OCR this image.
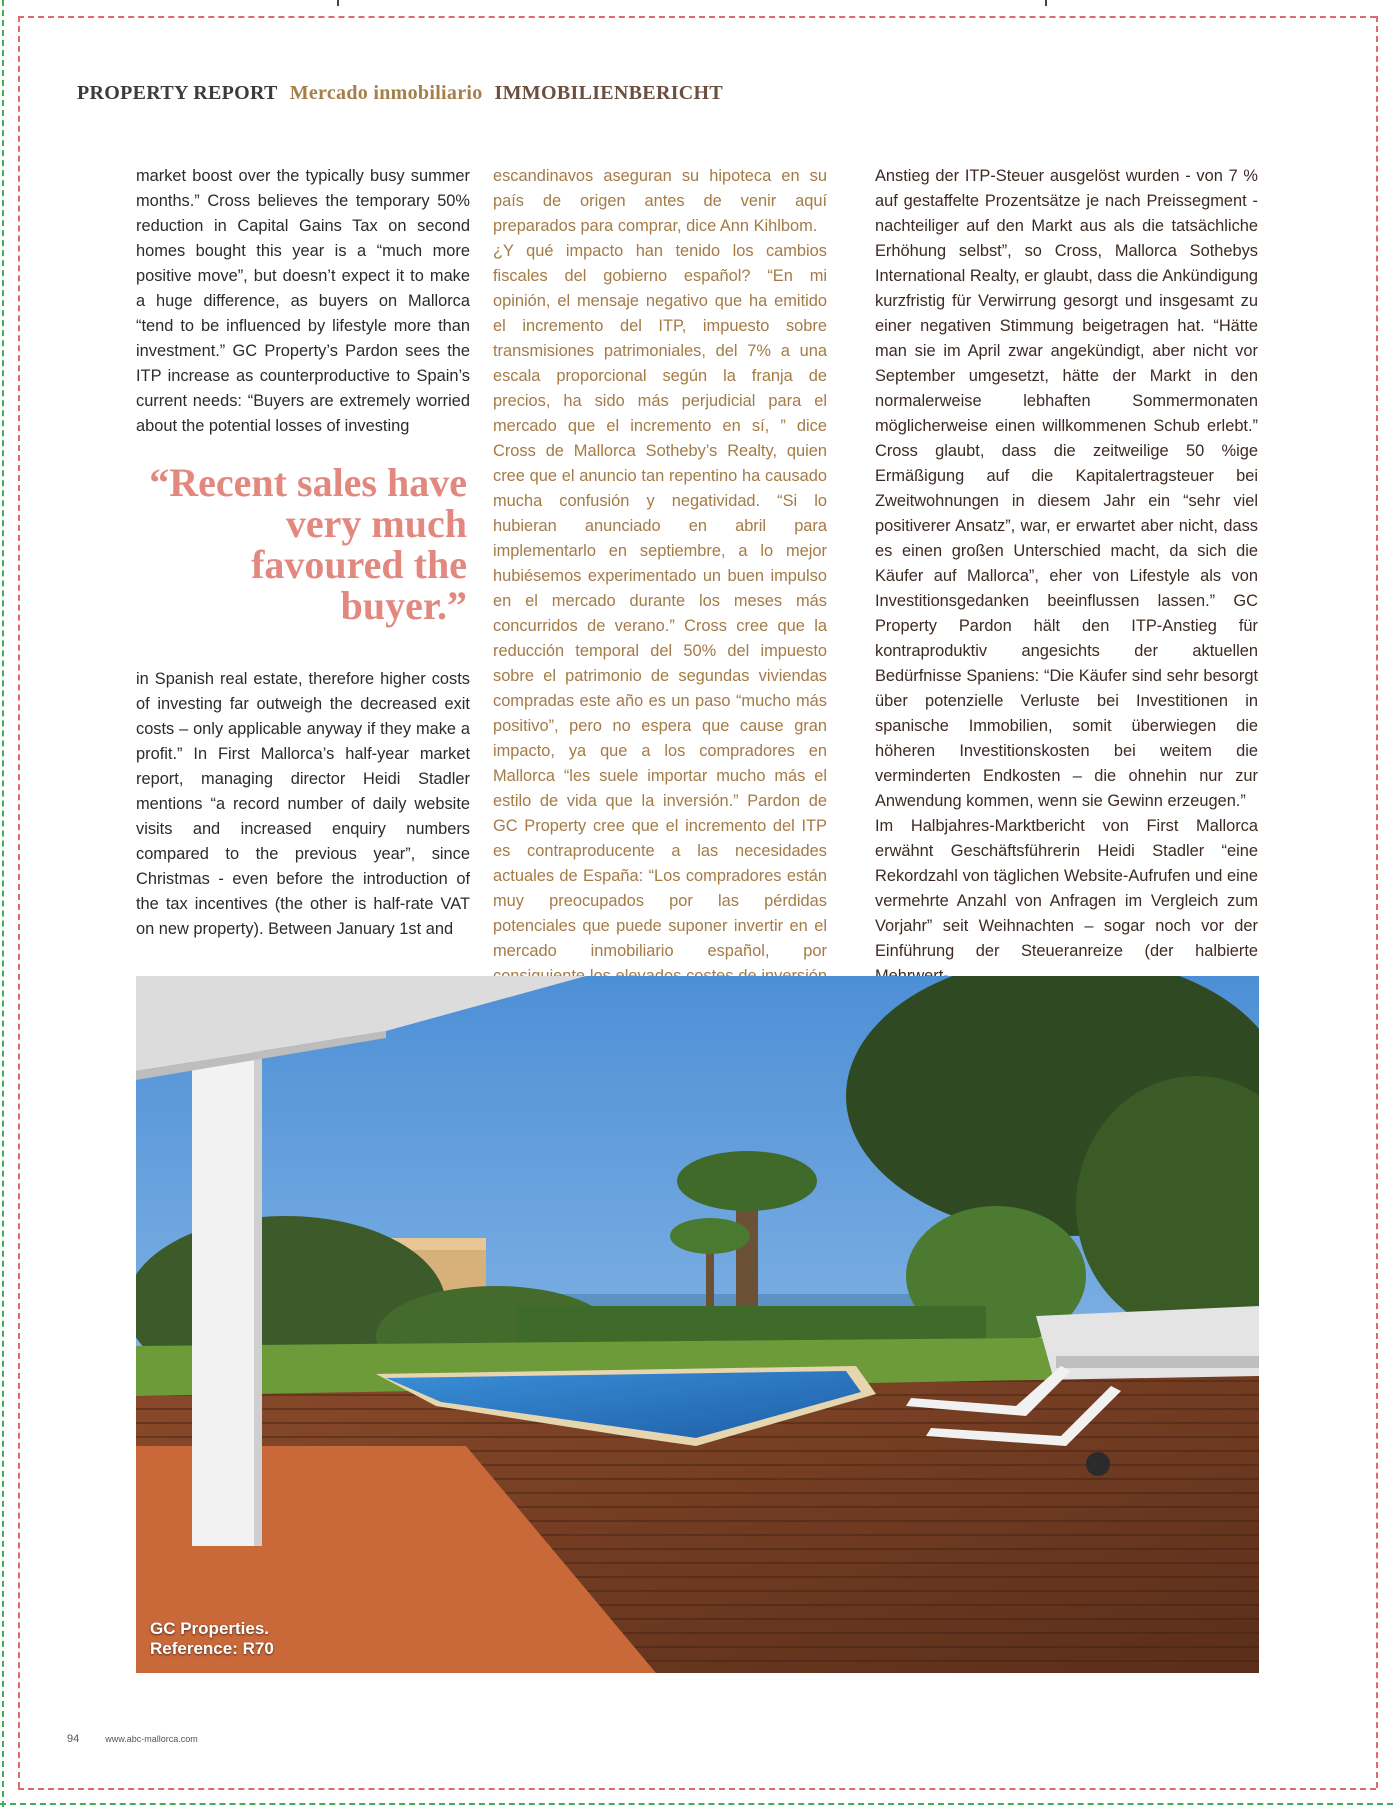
PROPERTY REPORT Mercado inmobiliario IMMOBILIENBERICHT

market boost over the typically busy summer months.” Cross believes the temporary 50% reduction in Capital Gains Tax on second homes bought this year is a “much more positive move”, but doesn’t expect it to make a huge difference, as buyers on Mallorca “tend to be influenced by lifestyle more than investment.” GC Property’s Pardon sees the ITP increase as counterproductive to Spain’s current needs: “Buyers are extremely worried about the potential losses of investing

in Spanish real estate, therefore higher costs of investing far outweigh the decreased exit costs – only applicable anyway if they make a profit.” In First Mallorca’s half-year market report, managing director Heidi Stadler mentions “a record number of daily website visits and increased enquiry numbers compared to the previous year”, since Christmas - even before the introduction of the tax incentives (the other is half-rate VAT on new property). Between January 1st and

“Recent sales have very much favoured the buyer.”

escandinavos aseguran su hipoteca en su país de origen antes de venir aquí preparados para comprar, dice Ann Kihlbom.

¿Y qué impacto han tenido los cambios fiscales del gobierno español? “En mi opinión, el mensaje negativo que ha emitido el incremento del ITP, impuesto sobre transmisiones patrimoniales, del 7% a una escala proporcional según la franja de precios, ha sido más perjudicial para el mercado que el incremento en sí, ” dice Cross de Mallorca Sotheby’s Realty, quien cree que el anuncio tan repentino ha causado mucha confusión y negatividad. “Si lo hubieran anunciado en abril para implementarlo en septiembre, a lo mejor hubiésemos experimentado un buen impulso en el mercado durante los meses más concurridos de verano.” Cross cree que la reducción temporal del 50% del impuesto sobre el patrimonio de segundas viviendas compradas este año es un paso “mucho más positivo”, pero no espera que cause gran impacto, ya que a los compradores en Mallorca “les suele importar mucho más el estilo de vida que la inversión.” Pardon de GC Property cree que el incremento del ITP es contraproducente a las necesidades actuales de España: “Los compradores están muy preocupados por las pérdidas potenciales que puede suponer invertir en el mercado inmobiliario español, por

Anstieg der ITP-Steuer ausgelöst wurden - von 7 % auf gestaffelte Prozentsätze je nach Preissegment - nachteiliger auf den Markt aus als die tatsächliche Erhöhung selbst”, so Cross, Mallorca Sothebys International Realty, er glaubt, dass die Ankündigung kurzfristig für Verwirrung gesorgt und insgesamt zu einer negativen Stimmung beigetragen hat. “Hätte man sie im April zwar angekündigt, aber nicht vor September umgesetzt, hätte der Markt in den normalerweise lebhaften Sommermonaten möglicherweise einen willkommenen Schub erlebt.” Cross glaubt, dass die zeitweilige 50 %ige Ermäßigung auf die Kapitalertragsteuer bei Zweitwohnungen in diesem Jahr ein “sehr viel positiverer Ansatz”, war, er erwartet aber nicht, dass es einen großen Unterschied macht, da sich die Käufer auf Mallorca”, eher von Lifestyle als von Investitionsgedanken beeinflussen lassen.” GC Property Pardon hält den ITP-Anstieg für kontraproduktiv angesichts der aktuellen Bedürfnisse Spaniens: “Die Käufer sind sehr besorgt über potenzielle Verluste bei Investitionen in spanische Immobilien, somit überwiegen die höheren Investitionskosten bei weitem die verminderten Endkosten – die ohnehin nur zur Anwendung kommen, wenn sie Gewinn erzeugen.”

Im Halbjahres-Marktbericht von First Mallorca erwähnt Geschäftsführerin Heidi Stadler “eine Rekordzahl von täglichen Website-Aufrufen und eine vermehrte Anzahl von Anfragen im Vergleich zum Vorjahr” seit Weihnachten – sogar noch vor der Einführung der Steueranreize (der halbierte

GC Properties.
Reference: R70
94	www.abc-mallorca.com
